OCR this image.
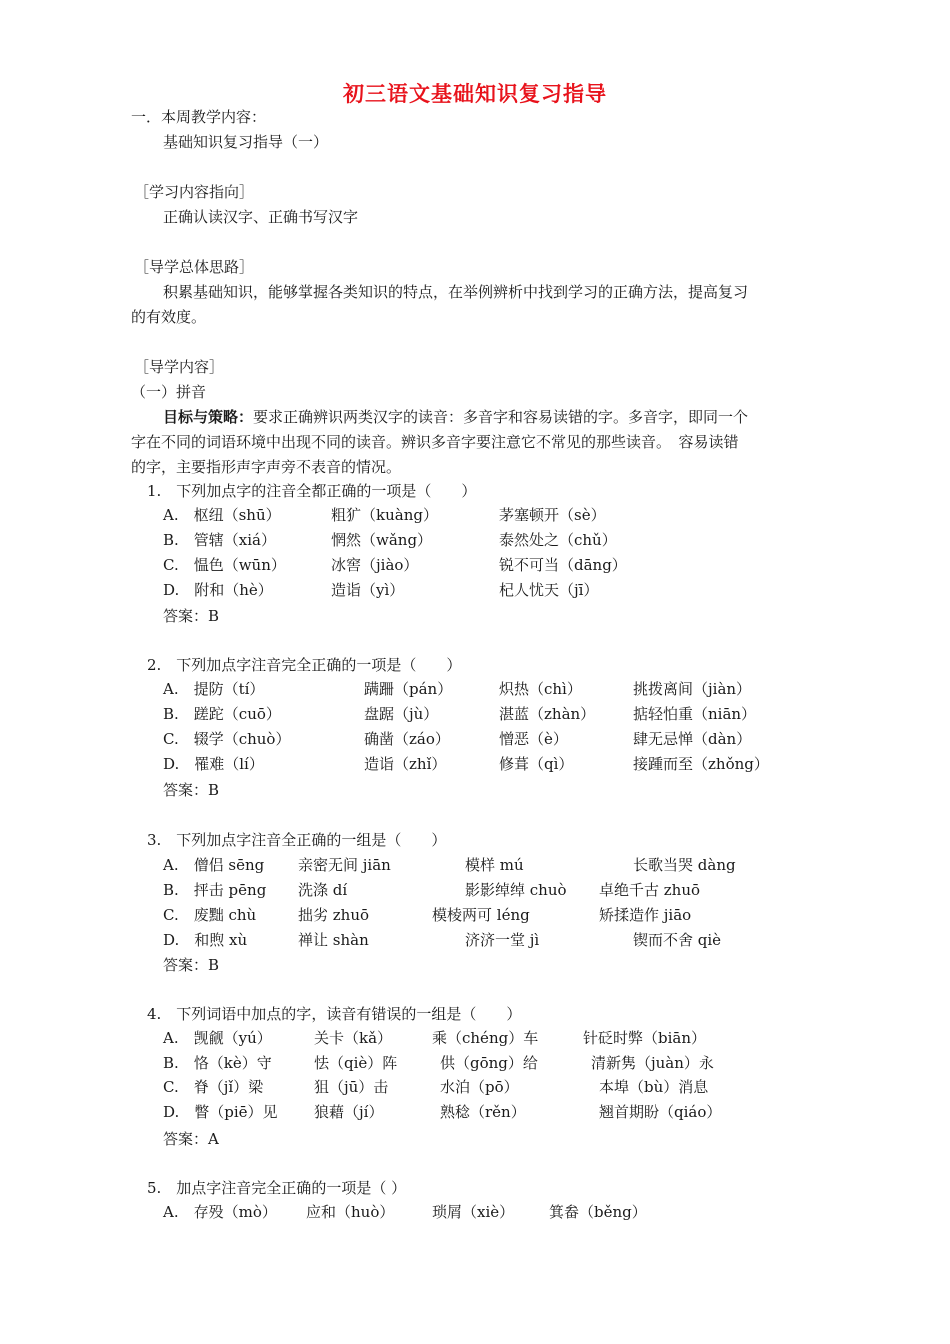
初三语文基础知识复习指导
一．本周教学内容：
基础知识复习指导（一）
［学习内容指向］
正确认读汉字、正确书写汉字
［导学总体思路］
积累基础知识，能够掌握各类知识的特点，在举例辨析中找到学习的正确方法，提高复习
的有效度。
［导学内容］
（一）拼音
目标与策略：要求正确辨识两类汉字的读音：多音字和容易读错的字。多音字，即同一个
字在不同的词语环境中出现不同的读音。辨识多音字要注意它不常见的那些读音。　容易读错
的字，主要指形声字声旁不表音的情况。
1.　下列加点字的注音全都正确的一项是（　　）
A.　枢纽（shū）	粗犷（kuàng）	茅塞顿开（sè）
B.　管辖（xiá）	惘然（wǎng）	泰然处之（chǔ）
C.　愠色（wūn）	冰窖（jiào）	锐不可当（dāng）
D.　附和（hè）	造诣（yì）	杞人忧天（jī）
答案：B
2.　下列加点字注音完全正确的一项是（　　）
A.　提防（tí）	蹒跚（pán）	炽热（chì）	挑拨离间（jiàn）
B.　蹉跎（cuō）	盘踞（jù）	湛蓝（zhàn）	掂轻怕重（niān）
C.　辍学（chuò）	确凿（záo）	憎恶（è）	肆无忌惮（dàn）
D.　罹难（lí）	造诣（zhǐ）	修葺（qì）	接踵而至（zhǒng）
答案：B
3.　下列加点字注音全正确的一组是（　　）
A.　僧侣 sēng 亲密无间 jiān	模样 mú	长歌当哭 dàng
B.　抨击 pēng 洗涤 dí	影影绰绰 chuò 卓绝千古 zhuō
C.　废黜 chù	拙劣 zhuō	模棱两可 léng	矫揉造作 jiāo
D.　和煦 xù	禅让 shàn	济济一堂 jì	锲而不舍 qiè
答案：B
4.　下列词语中加点的字，读音有错误的一组是（　　）
A.　觊觎（yú）	关卡（kǎ）	乘（chéng）车	针砭时弊（biān）
B.　恪（kè）守	怯（qiè）阵	供（gōng）给	清新隽（juàn）永
C.　脊（jǐ）梁	狙（jū）击	水泊（pō）	本埠（bù）消息
D.　瞥（piē）见 狼藉（jí）	熟稔（rěn）	翘首期盼（qiáo）
答案：A
5.　加点字注音完全正确的一项是（ ）
A.　存殁（mò） 应和（huò）	琐屑（xiè） 箕畚（běng）
